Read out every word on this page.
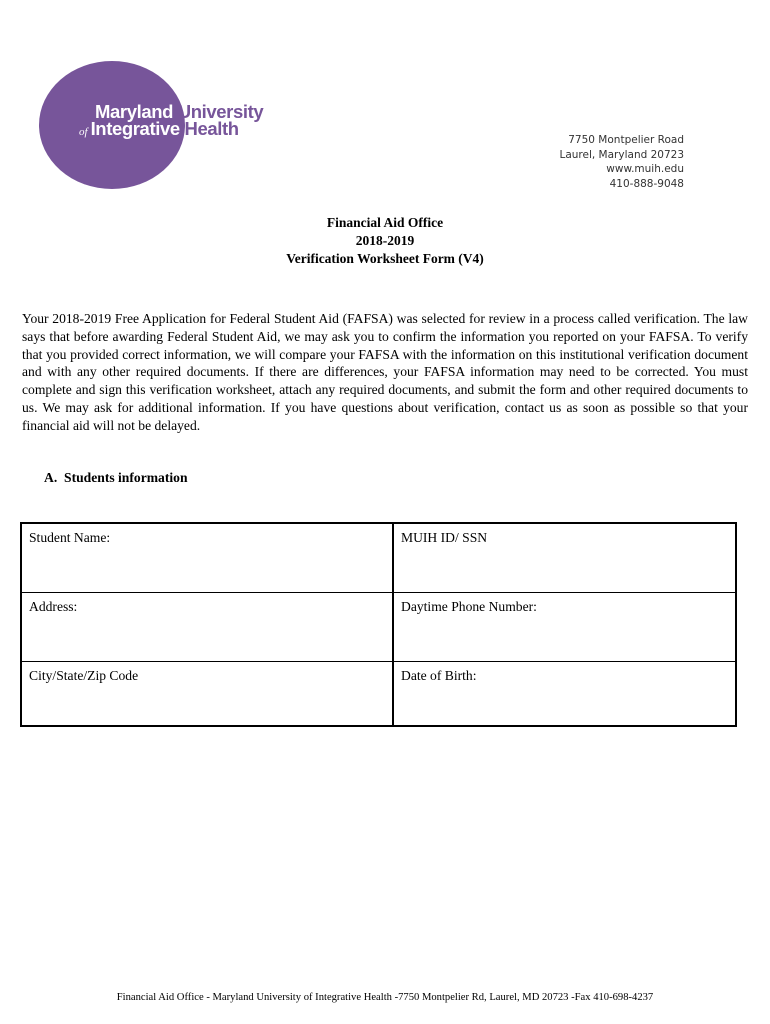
Maryland University
of Integrative Health
7750 Montpelier Road
Laurel, Maryland 20723
www.muih.edu
410-888-9048
Financial Aid Office
2018-2019
Verification Worksheet Form (V4)

Your 2018-2019 Free Application for Federal Student Aid (FAFSA) was selected for review in a process called verification. The law says that before awarding Federal Student Aid, we may ask you to confirm the information you reported on your FAFSA. To verify that you provided correct information, we will compare your FAFSA with the information on this institutional verification document and with any other required documents. If there are differences, your FAFSA information may need to be corrected. You must complete and sign this verification worksheet, attach any required documents, and submit the form and other required documents to us. We may ask for additional information. If you have questions about verification, contact us as soon as possible so that your financial aid will not be delayed.

A.  Students information
Student Name:	MUIH ID/ SSN
Address:	Daytime Phone Number:
City/State/Zip Code	Date of Birth:
Financial Aid Office - Maryland University of Integrative Health -7750 Montpelier Rd, Laurel, MD 20723 -Fax 410-698-4237
